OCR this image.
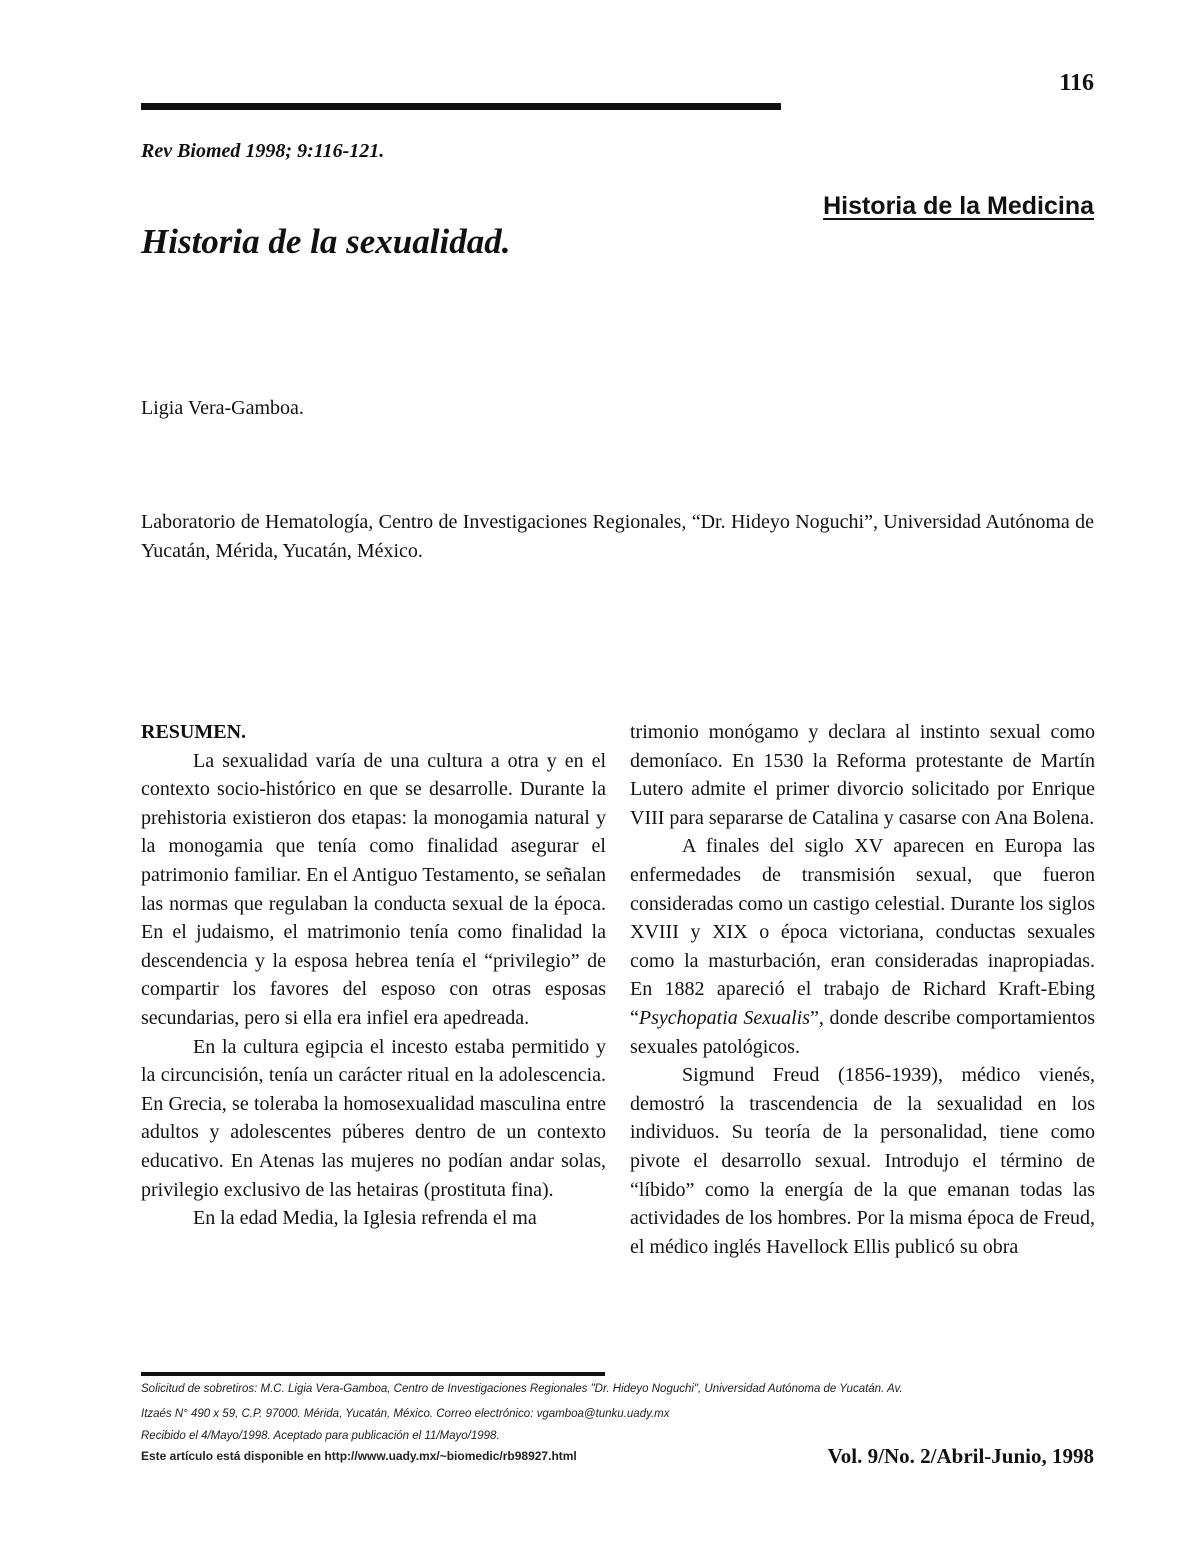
116
Rev Biomed 1998; 9:116-121.
Historia de la Medicina
Historia de la sexualidad.
Ligia Vera-Gamboa.
Laboratorio de Hematología, Centro de Investigaciones Regionales, “Dr. Hideyo Noguchi”, Universidad Autónoma de Yucatán, Mérida, Yucatán, México.
RESUMEN.

La sexualidad varía de una cultura a otra y en el contexto socio-histórico en que se desarrolle. Durante la prehistoria existieron dos etapas: la monogamia natural y la monogamia que tenía como finalidad asegurar el patrimonio familiar. En el Antiguo Testamento, se señalan las normas que regulaban la conducta sexual de la época. En el judaismo, el matrimonio tenía como finalidad la descendencia y la esposa hebrea tenía el “privilegio” de compartir los favores del esposo con otras esposas secundarias, pero si ella era infiel era apedreada.

En la cultura egipcia el incesto estaba permitido y la circuncisión, tenía un carácter ritual en la adolescencia. En Grecia, se toleraba la homosexualidad masculina entre adultos y adolescentes púberes dentro de un contexto educativo. En Atenas las mujeres no podían andar solas, privilegio exclusivo de las hetairas (prostituta fina).

En la edad Media, la Iglesia refrenda el ma

trimonio monógamo y declara al instinto sexual como demoníaco. En 1530 la Reforma protestante de Martín Lutero admite el primer divorcio solicitado por Enrique VIII para separarse de Catalina y casarse con Ana Bolena.

A finales del siglo XV aparecen en Europa las enfermedades de transmisión sexual, que fueron consideradas como un castigo celestial. Durante los siglos XVIII y XIX o época victoriana, conductas sexuales como la masturbación, eran consideradas inapropiadas. En 1882 apareció el trabajo de Richard Kraft-Ebing “Psychopatia Sexualis”, donde describe comportamientos sexuales patológicos.

Sigmund Freud (1856-1939), médico vienés, demostró la trascendencia de la sexualidad en los individuos. Su teoría de la personalidad, tiene como pivote el desarrollo sexual. Introdujo el término de “líbido” como la energía de la que emanan todas las actividades de los hombres. Por la misma época de Freud, el médico inglés Havellock Ellis publicó su obra

Solicitud de sobretiros: M.C. Ligia Vera-Gamboa, Centro de Investigaciones Regionales "Dr. Hideyo Noguchi", Universidad Autónoma de Yucatán. Av.
Itzaés N° 490 x 59, C.P. 97000. Mérida, Yucatán, México. Correo electrónico: vgamboa@tunku.uady.mx
Recibido el 4/Mayo/1998. Aceptado para publicación el 11/Mayo/1998.
Este artículo está disponible en http://www.uady.mx/~biomedic/rb98927.html	Vol. 9/No. 2/Abril-Junio, 1998
